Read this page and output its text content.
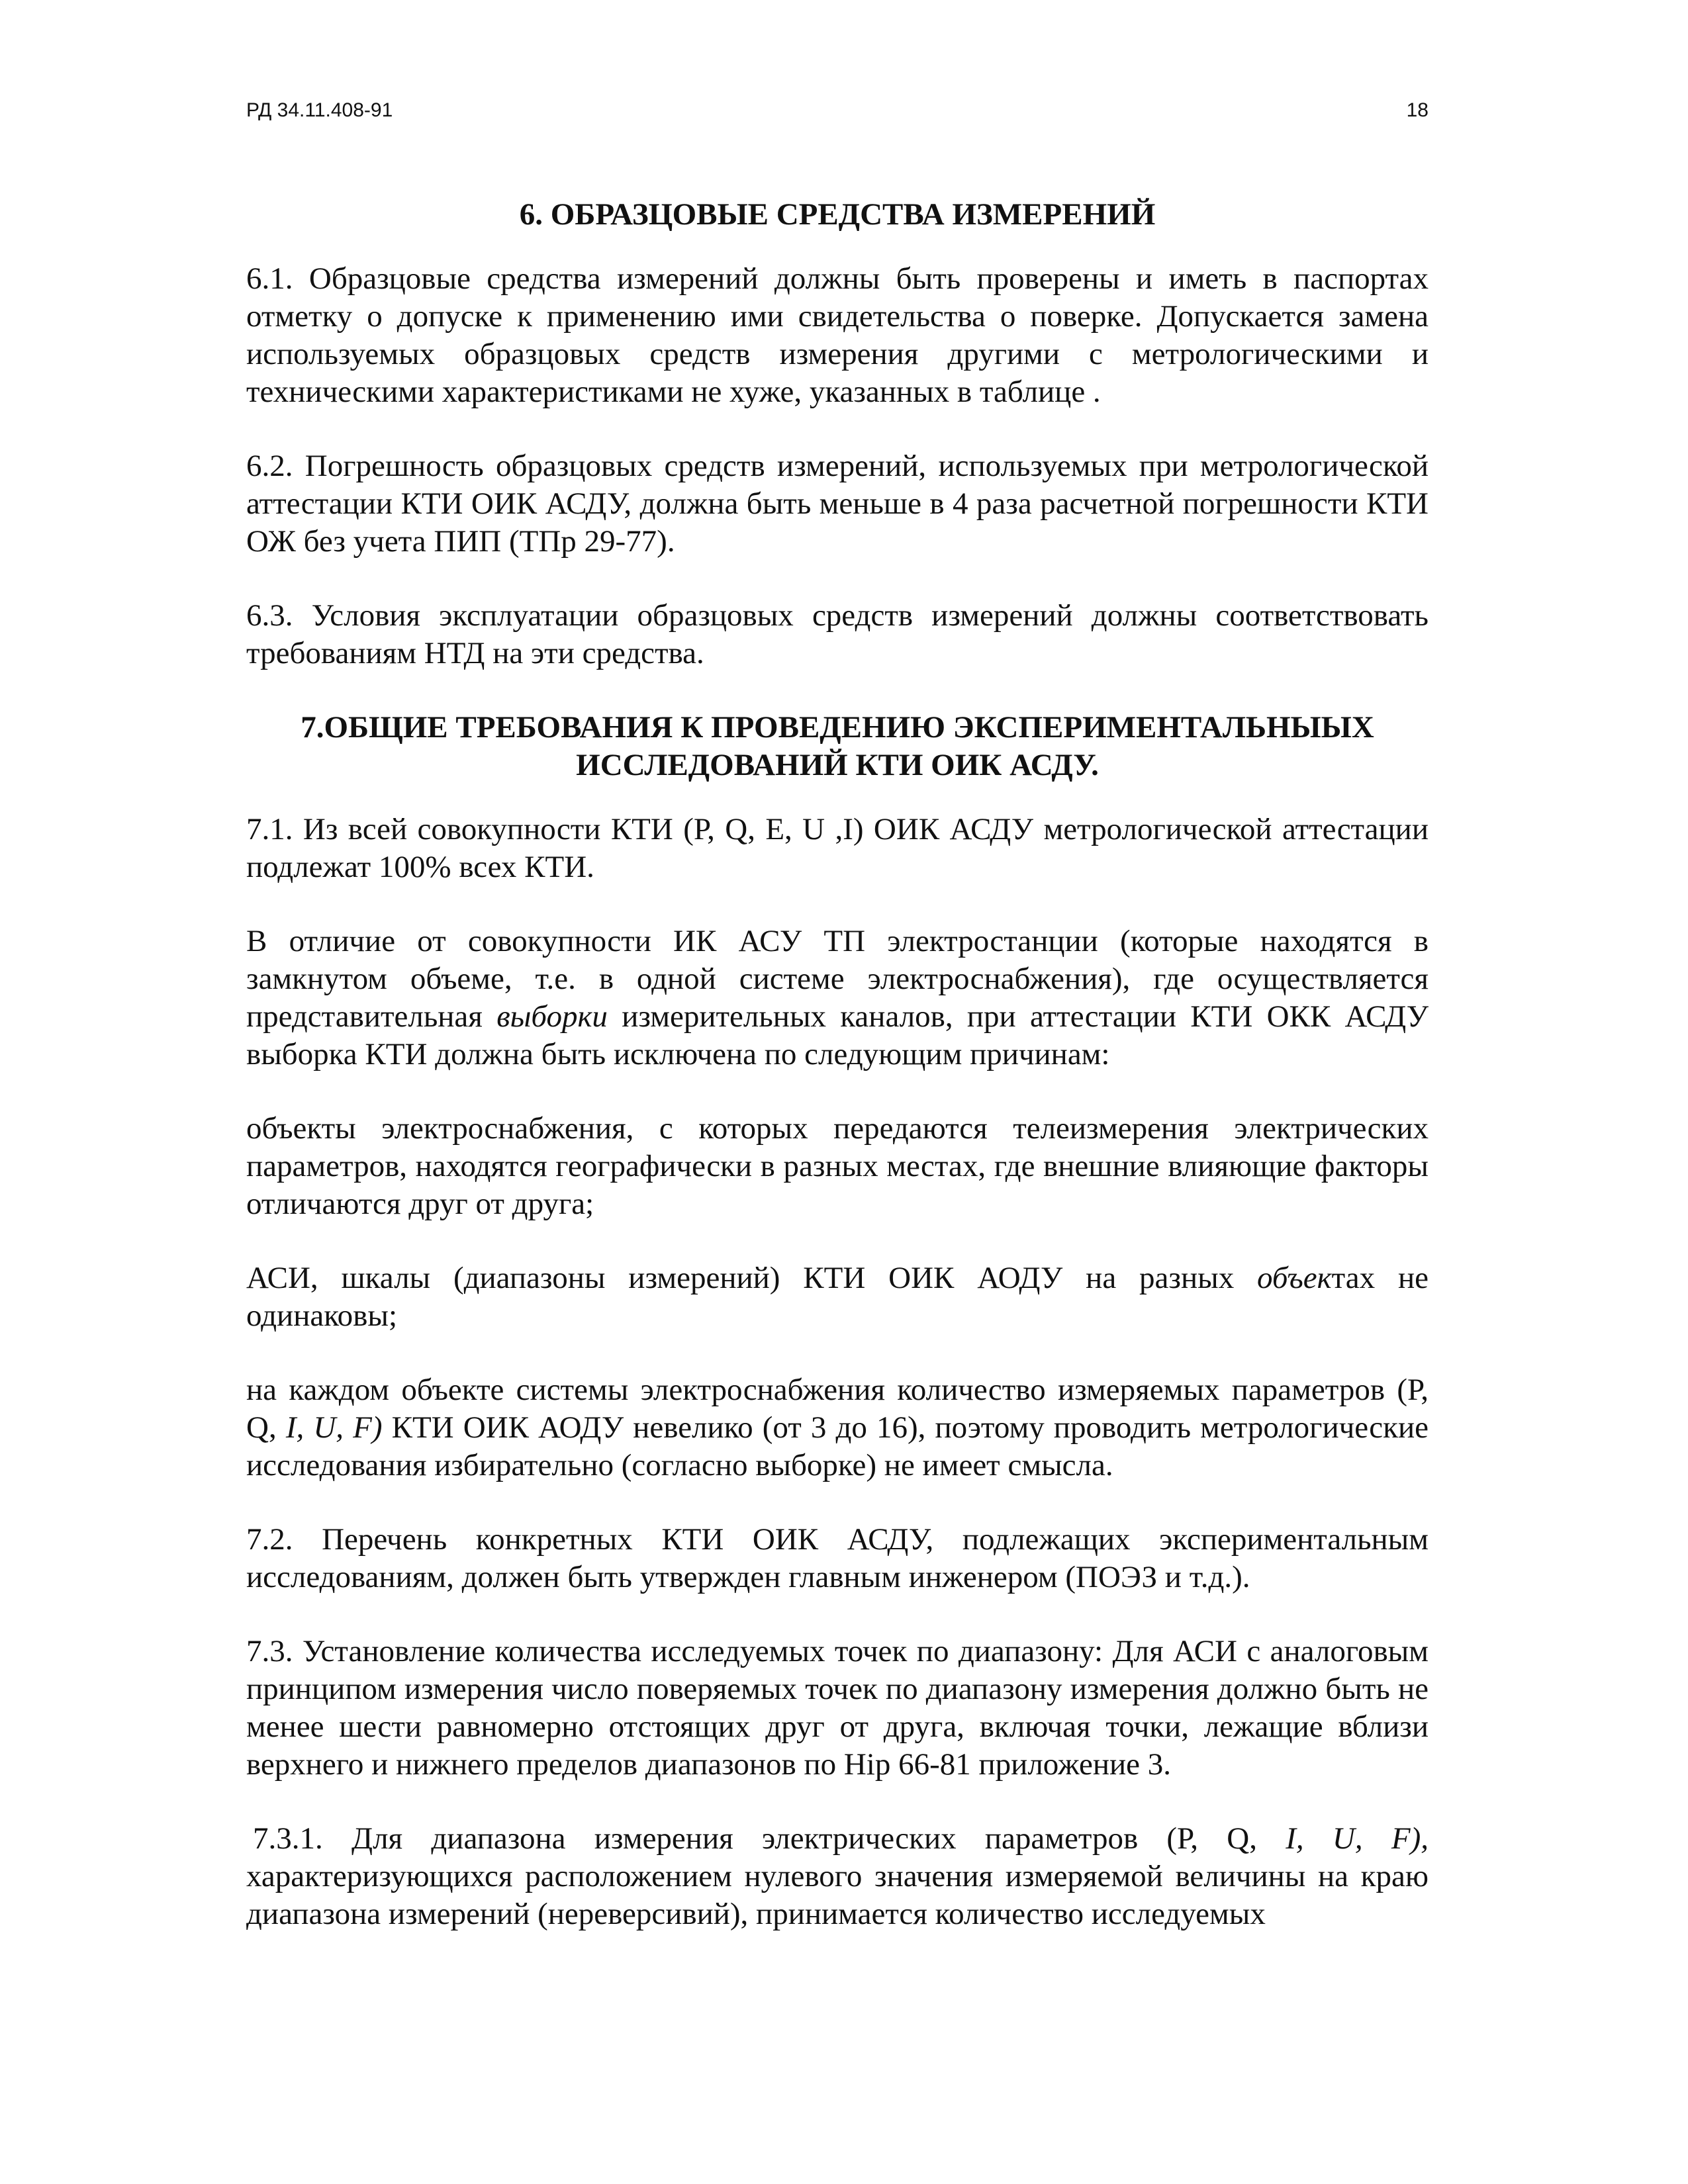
РД 34.11.408-91	18

6. ОБРАЗЦОВЫЕ СРЕДСТВА ИЗМЕРЕНИЙ

6.1. Образцовые средства измерений должны быть проверены и иметь в паспортах отметку о допуске к применению ими свидетельства о поверке. Допускается замена используемых образцовых средств измерения другими с метрологическими и техническими характеристиками не хуже, указанных в таблице .

6.2. Погрешность образцовых средств измерений, используемых при метрологической аттестации КТИ ОИК АСДУ, должна быть меньше в 4 раза расчетной погрешности КТИ ОЖ без учета ПИП (ТПр 29-77).

6.3. Условия эксплуатации образцовых средств измерений должны соответствовать требованиям НТД на эти средства.

7.ОБЩИЕ ТРЕБОВАНИЯ К ПРОВЕДЕНИЮ ЭКСПЕРИМЕНТАЛЬНЫЫХ
ИССЛЕДОВАНИЙ КТИ ОИК АСДУ.

7.1. Из всей совокупности КТИ (Р, Q, Е, U ,I) ОИК АСДУ метрологической аттестации подлежат 100% всех КТИ.

В отличие от совокупности ИК АСУ ТП электростанции (которые находятся в замкнутом объеме, т.е. в одной системе электроснабжения), где осуществляется представительная выборки измерительных каналов, при аттестации КТИ ОКК АСДУ выборка КТИ должна быть исключена по следующим причинам:

объекты электроснабжения, с которых передаются телеизмерения электрических параметров, находятся географически в разных местах, где внешние влияющие факторы отличаются друг от друга;

АСИ, шкалы (диапазоны измерений) КТИ ОИК АОДУ на разных объектах не одинаковы;

на каждом объекте системы электроснабжения количество измеряемых параметров (Р, Q, I, U, F) КТИ ОИК АОДУ невелико (от 3 до 16), поэтому проводить метрологические исследования избирательно (согласно выборке) не имеет смысла.

7.2. Перечень конкретных КТИ ОИК АСДУ, подлежащих экспериментальным исследованиям, должен быть утвержден главным инженером (ПОЭЗ и т.д.).

7.3. Установление количества исследуемых точек по диапазону: Для АСИ с аналоговым принципом измерения число поверяемых точек по диапазону измерения должно быть не менее шести равномерно отстоящих друг от друга, включая точки, лежащие вблизи верхнего и нижнего пределов диапазонов по Hip 66-81 приложение 3.

7.3.1. Для диапазона измерения электрических параметров (Р, Q, I, U, F), характеризующихся расположением нулевого значения измеряемой величины на краю диапазона измерений (нереверсивий), принимается количество исследуемых
